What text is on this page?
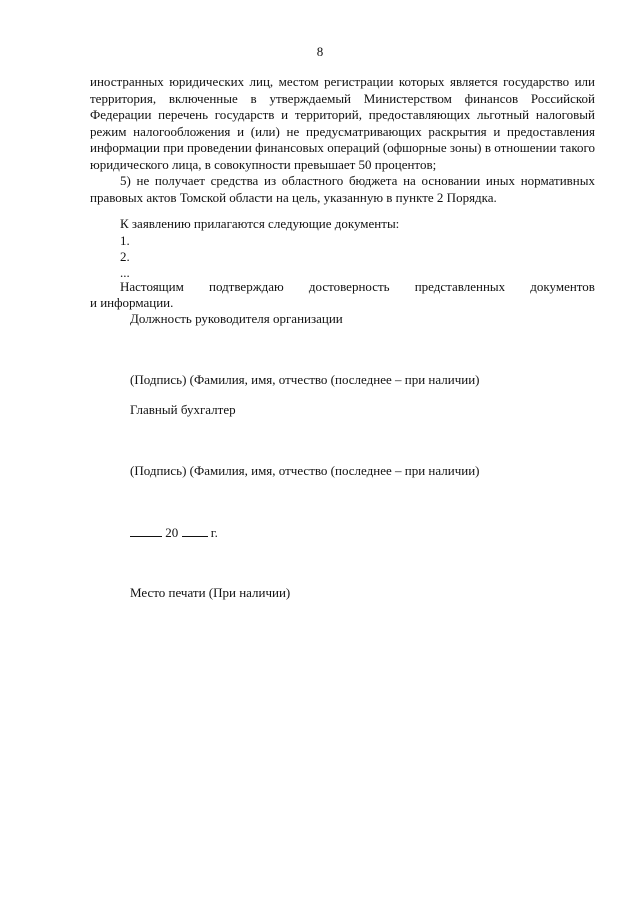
8

иностранных юридических лиц, местом регистрации которых является государство или территория, включенные в утверждаемый Министерством финансов Российской Федерации перечень государств и территорий, предоставляющих льготный налоговый режим налогообложения и (или) не предусматривающих раскрытия и предоставления информации при проведении финансовых операций (офшорные зоны) в отношении такого юридического лица, в совокупности превышает 50 процентов;

5) не получает средства из областного бюджета на основании иных нормативных правовых актов Томской области на цель, указанную в пункте 2 Порядка.

К заявлению прилагаются следующие документы:
1.
2.
...
Настоящим подтверждаю достоверность представленных документов
и информации.
Должность руководителя организации
(Подпись) (Фамилия, имя, отчество (последнее – при наличии)
Главный бухгалтер
(Подпись) (Фамилия, имя, отчество (последнее – при наличии)
20	г.
Место печати (При наличии)
